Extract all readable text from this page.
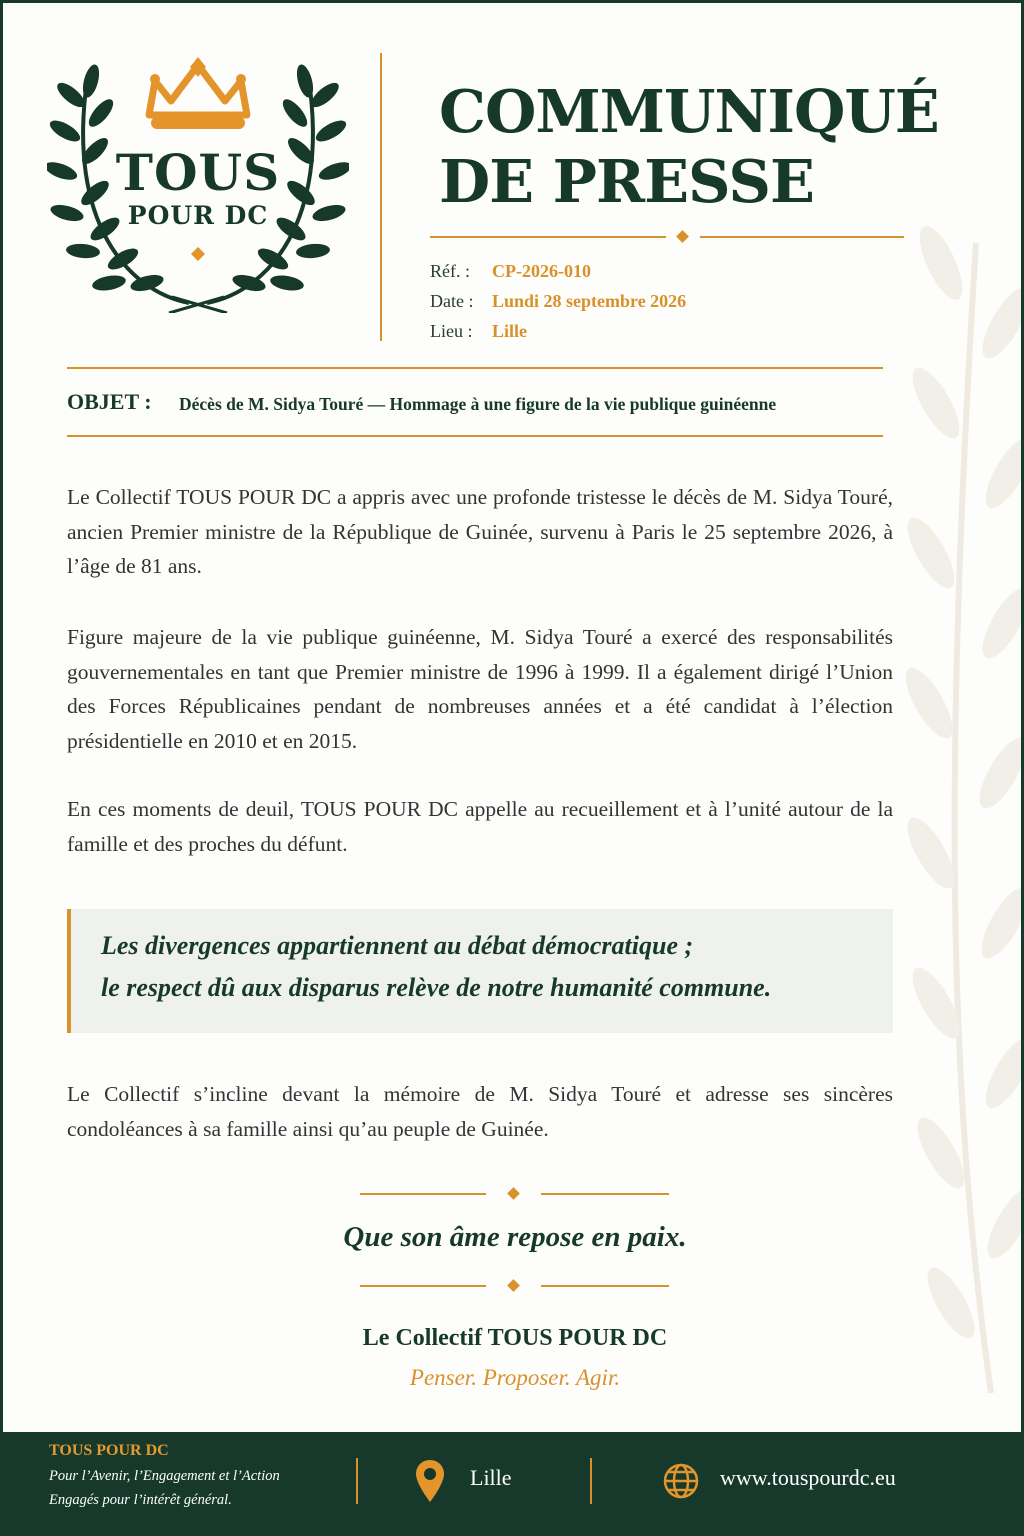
TOUS
POUR DC
COMMUNIQUÉ
DE PRESSE
Réf. : CP-2026-010
Date : Lundi 28 septembre 2026
Lieu : Lille
OBJET : Décès de M. Sidya Touré — Hommage à une figure de la vie publique guinéenne
Le Collectif TOUS POUR DC a appris avec une profonde tristesse le décès de M. Sidya Touré, ancien Premier ministre de la République de Guinée, survenu à Paris le 25 septembre 2026, à l’âge de 81 ans.
Figure majeure de la vie publique guinéenne, M. Sidya Touré a exercé des responsabilités gouvernementales en tant que Premier ministre de 1996 à 1999. Il a également dirigé l’Union des Forces Républicaines pendant de nombreuses années et a été candidat à l’élection présidentielle en 2010 et en 2015.
En ces moments de deuil, TOUS POUR DC appelle au recueillement et à l’unité autour de la famille et des proches du défunt.
Les divergences appartiennent au débat démocratique ;
le respect dû aux disparus relève de notre humanité commune.
Le Collectif s’incline devant la mémoire de M. Sidya Touré et adresse ses sincères condoléances à sa famille ainsi qu’au peuple de Guinée.
Que son âme repose en paix.
Le Collectif TOUS POUR DC
Penser. Proposer. Agir.
TOUS POUR DC
Pour l’Avenir, l’Engagement et l’Action
Engagés pour l’intérêt général.
Lille	www.touspourdc.eu
